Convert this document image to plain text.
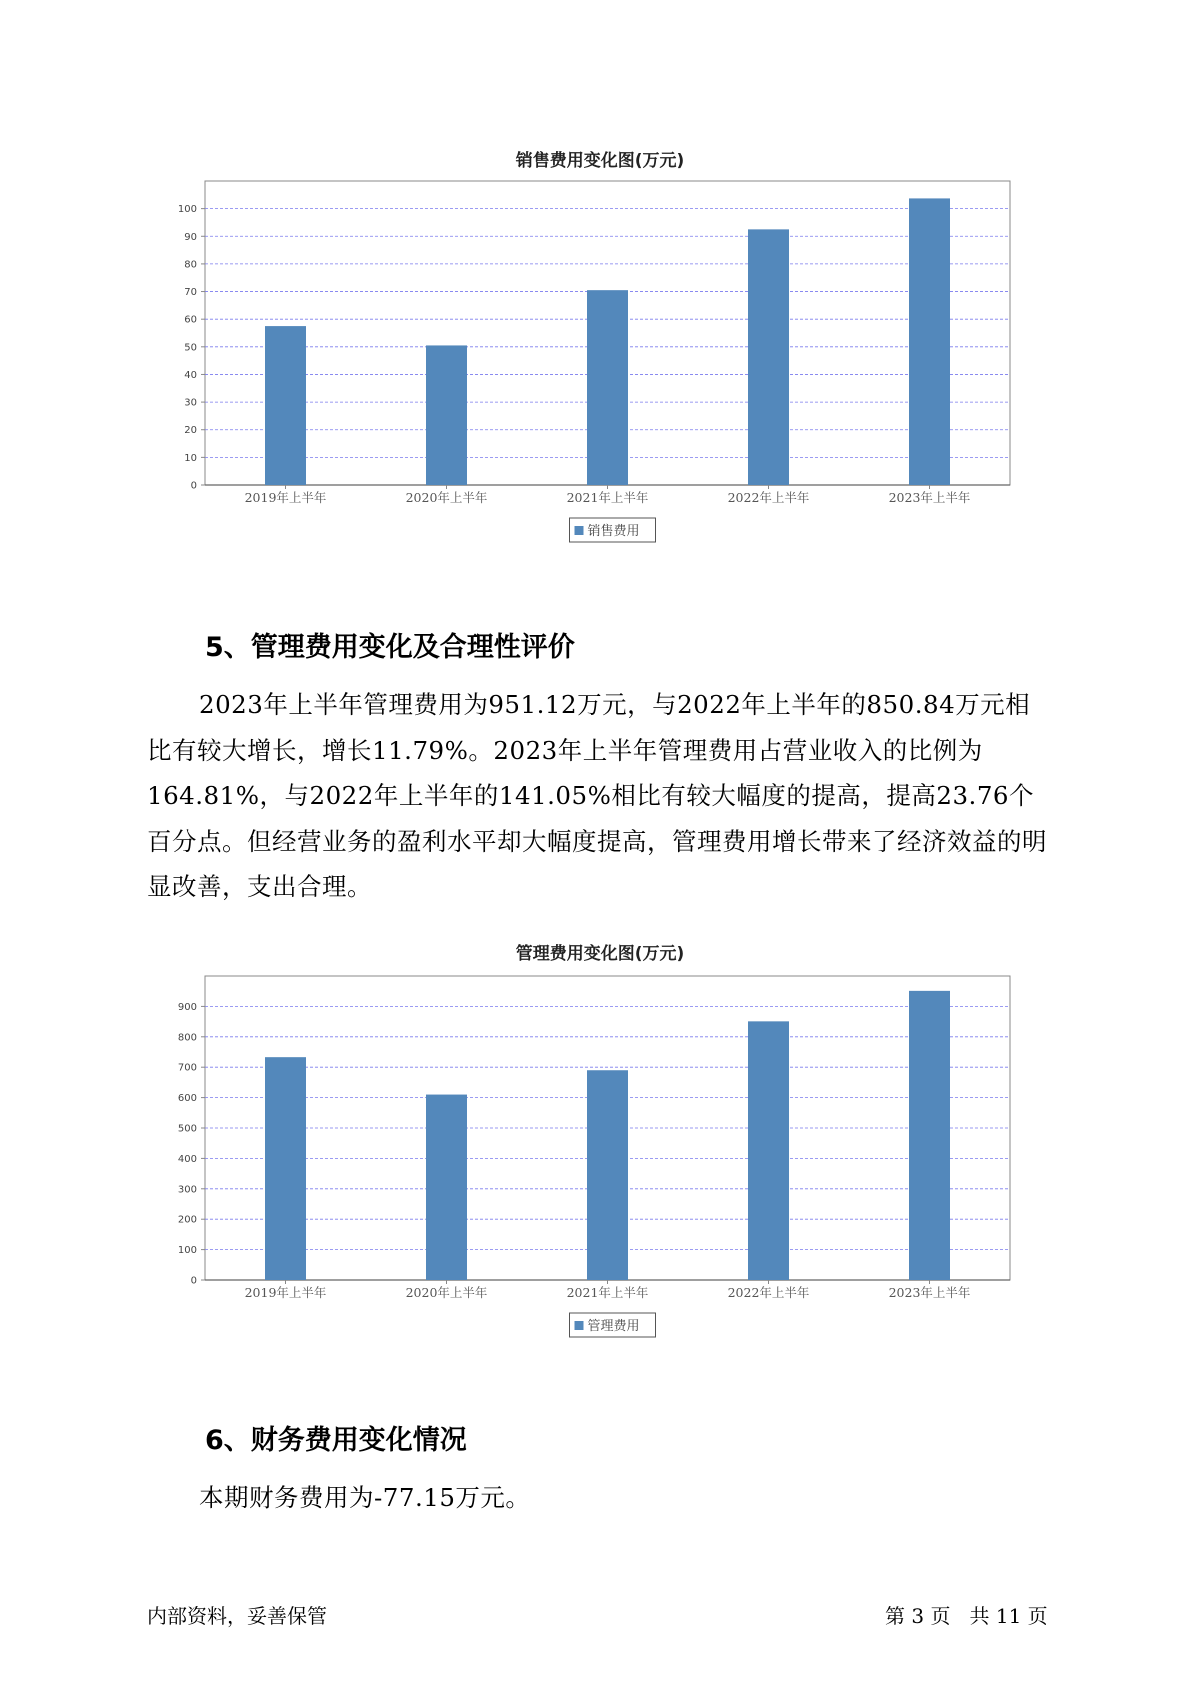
销售费用变化图(万元)
0
10
20
30
40
50
60
70
80
90
100
2019年上半年	2020年上半年	2021年上半年	2022年上半年	2023年上半年
销售费用
5、管理费用变化及合理性评价

2023年上半年管理费用为951.12万元，与2022年上半年的850.84万元相比有较大增长，增长11.79%。2023年上半年管理费用占营业收入的比例为164.81%，与2022年上半年的141.05%相比有较大幅度的提高，提高23.76个百分点。但经营业务的盈利水平却大幅度提高，管理费用增长带来了经济效益的明显改善，支出合理。

管理费用变化图(万元)
0
100
200
300
400
500
600
700
800
900
2019年上半年	2020年上半年	2021年上半年	2022年上半年	2023年上半年
管理费用
6、财务费用变化情况

本期财务费用为-77.15万元。

内部资料，妥善保管	第 3 页   共 11 页
